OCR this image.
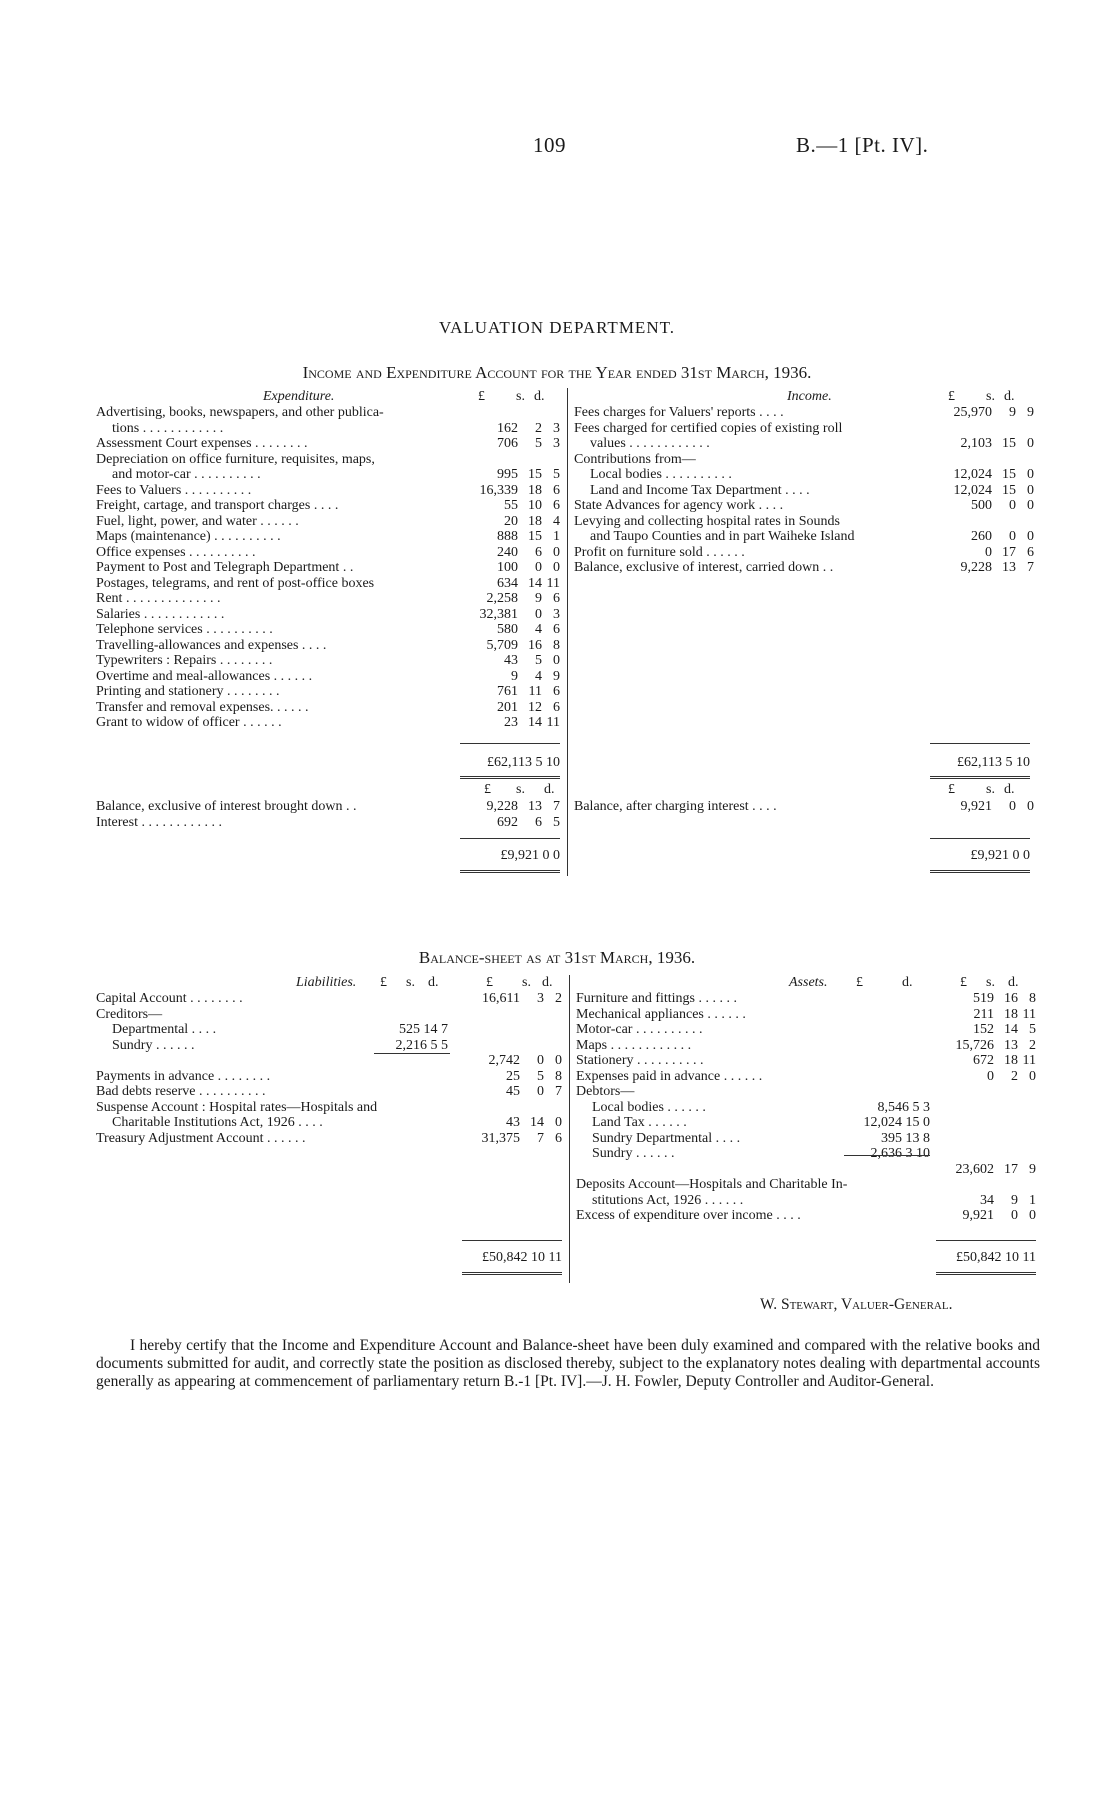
109	B.—1 [Pt. IV].
VALUATION DEPARTMENT.
Income and Expenditure Account for the Year ended 31st March, 1936.
Expenditure.	£ s. d.
Advertising, books, newspapers, and other publica-
tions . . . . . . . . . . . .	162 2 3
Assessment Court expenses . . . . . . . .	706 5 3
Depreciation on office furniture, requisites, maps,
and motor-car . . . . . . . . . .	995 15 5
Fees to Valuers . . . . . . . . . .	16,339 18 6
Freight, cartage, and transport charges . . . .	55 10 6
Fuel, light, power, and water . . . . . .	20 18 4
Maps (maintenance) . . . . . . . . . .	888 15 1
Office expenses . . . . . . . . . .	240 6 0
Payment to Post and Telegraph Department . .	100 0 0
Postages, telegrams, and rent of post-office boxes	634 14 11
Rent . . . . . . . . . . . . . .	2,258 9 6
Salaries . . . . . . . . . . . .	32,381 0 3
Telephone services . . . . . . . . . .	580 4 6
Travelling-allowances and expenses . . . .	5,709 16 8
Typewriters : Repairs . . . . . . . .	43 5 0
Overtime and meal-allowances . . . . . .	9 4 9
Printing and stationery . . . . . . . .	761 11 6
Transfer and removal expenses. . . . . .	201 12 6
Grant to widow of officer . . . . . .	23 14 11
Income.	£ s. d.
Fees charges for Valuers' reports . . . .	25,970 9 9
Fees charged for certified copies of existing roll
values . . . . . . . . . . . .	2,103 15 0
Contributions from—
Local bodies . . . . . . . . . .	12,024 15 0
Land and Income Tax Department . . . .	12,024 15 0
State Advances for agency work . . . .	500 0 0
Levying and collecting hospital rates in Sounds
and Taupo Counties and in part Waiheke Island	260 0 0
Profit on furniture sold . . . . . .	0 17 6
Balance, exclusive of interest, carried down . .	9,228 13 7
£62,113 5 10	£62,113 5 10
£ s. d.	£ s. d.
Balance, exclusive of interest brought down . .	9,228 13 7
Interest . . . . . . . . . . . .	692 6 5
Balance, after charging interest . . . .	9,921 0 0
£9,921 0 0	£9,921 0 0
Balance-sheet as at 31st March, 1936.
Liabilities. £ s. d.	£ s. d.	Assets. £	d.	£ s. d.
Capital Account . . . . . . . .	16,611 3 2
Creditors—
Departmental . . . .	525 14 7
Sundry . . . . . .	2,216 5 5
2,742 0 0
Payments in advance . . . . . . . .	25 5 8
Bad debts reserve . . . . . . . . . .	45 0 7
Suspense Account : Hospital rates—Hospitals and
Charitable Institutions Act, 1926 . . . .	43 14 0
Treasury Adjustment Account . . . . . .	31,375 7 6
Furniture and fittings . . . . . .	519 16 8
Mechanical appliances . . . . . .	211 18 11
Motor-car . . . . . . . . . .	152 14 5
Maps . . . . . . . . . . . .	15,726 13 2
Stationery . . . . . . . . . .	672 18 11
Expenses paid in advance . . . . . .	0 2 0
Debtors—
Local bodies . . . . . .	8,546 5 3
Land Tax . . . . . .	12,024 15 0
Sundry Departmental . . . .	395 13 8
Sundry . . . . . .	2,636 3 10
23,602 17 9
Deposits Account—Hospitals and Charitable In-
stitutions Act, 1926 . . . . . .	34 9 1
Excess of expenditure over income . . . .	9,921 0 0
£50,842 10 11	£50,842 10 11
W. Stewart, Valuer-General.
I hereby certify that the Income and Expenditure Account and Balance-sheet have been duly examined and compared with the relative books and documents submitted for audit, and correctly state the position as disclosed thereby, subject to the explanatory notes dealing with departmental accounts generally as appearing at commencement of parliamentary return B.-1 [Pt. IV].—J. H. Fowler, Deputy Controller and Auditor-General.
